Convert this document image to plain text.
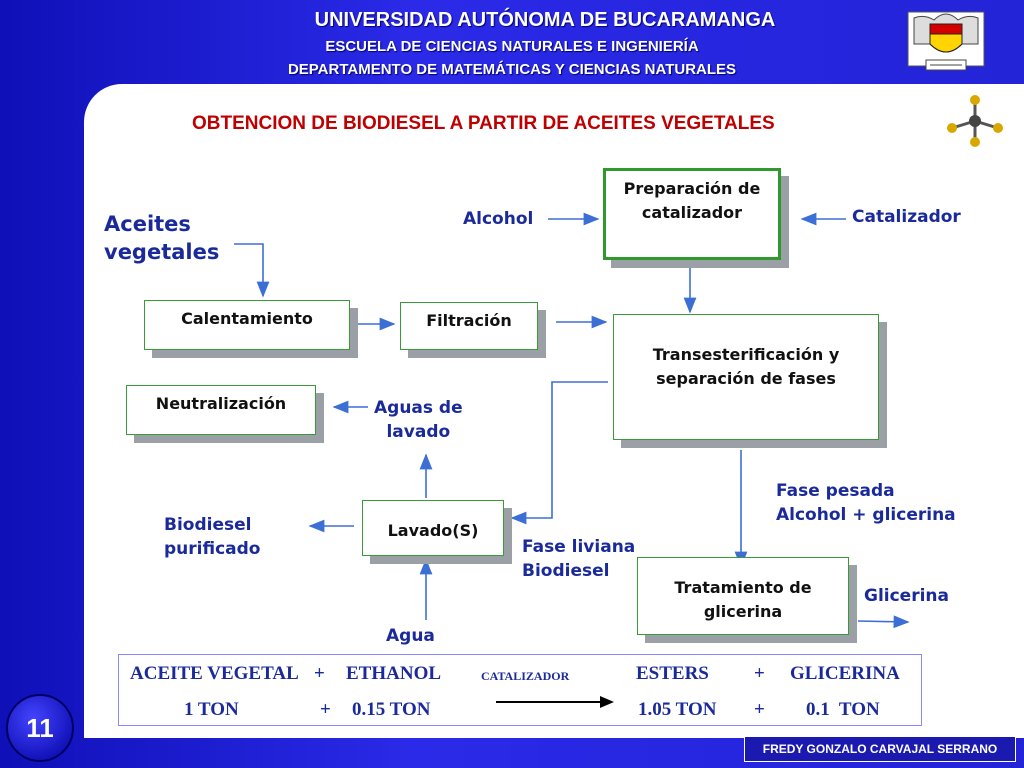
UNIVERSIDAD AUTÓNOMA DE BUCARAMANGA
ESCUELA DE CIENCIAS NATURALES E INGENIERÍA
DEPARTAMENTO DE MATEMÁTICAS Y CIENCIAS NATURALES
OBTENCION DE BIODIESEL A PARTIR DE ACEITES VEGETALES
Preparación de catalizador
Calentamiento	Filtración
Transesterificación y separación de fases
Neutralización
Lavado(S)
Tratamiento de glicerina
Aceites
vegetales
Alcohol	Catalizador
Aguas de
lavado
Fase pesada
Alcohol + glicerina
Biodiesel
purificado	Fase liviana
Biodiesel
Glicerina
Agua
ACEITE VEGETAL + ETHANOL	CATALIZADOR	ESTERS + GLICERINA
1 TON	+ 0.15 TON	1.05 TON + 0.1  TON
11
FREDY GONZALO CARVAJAL SERRANO
